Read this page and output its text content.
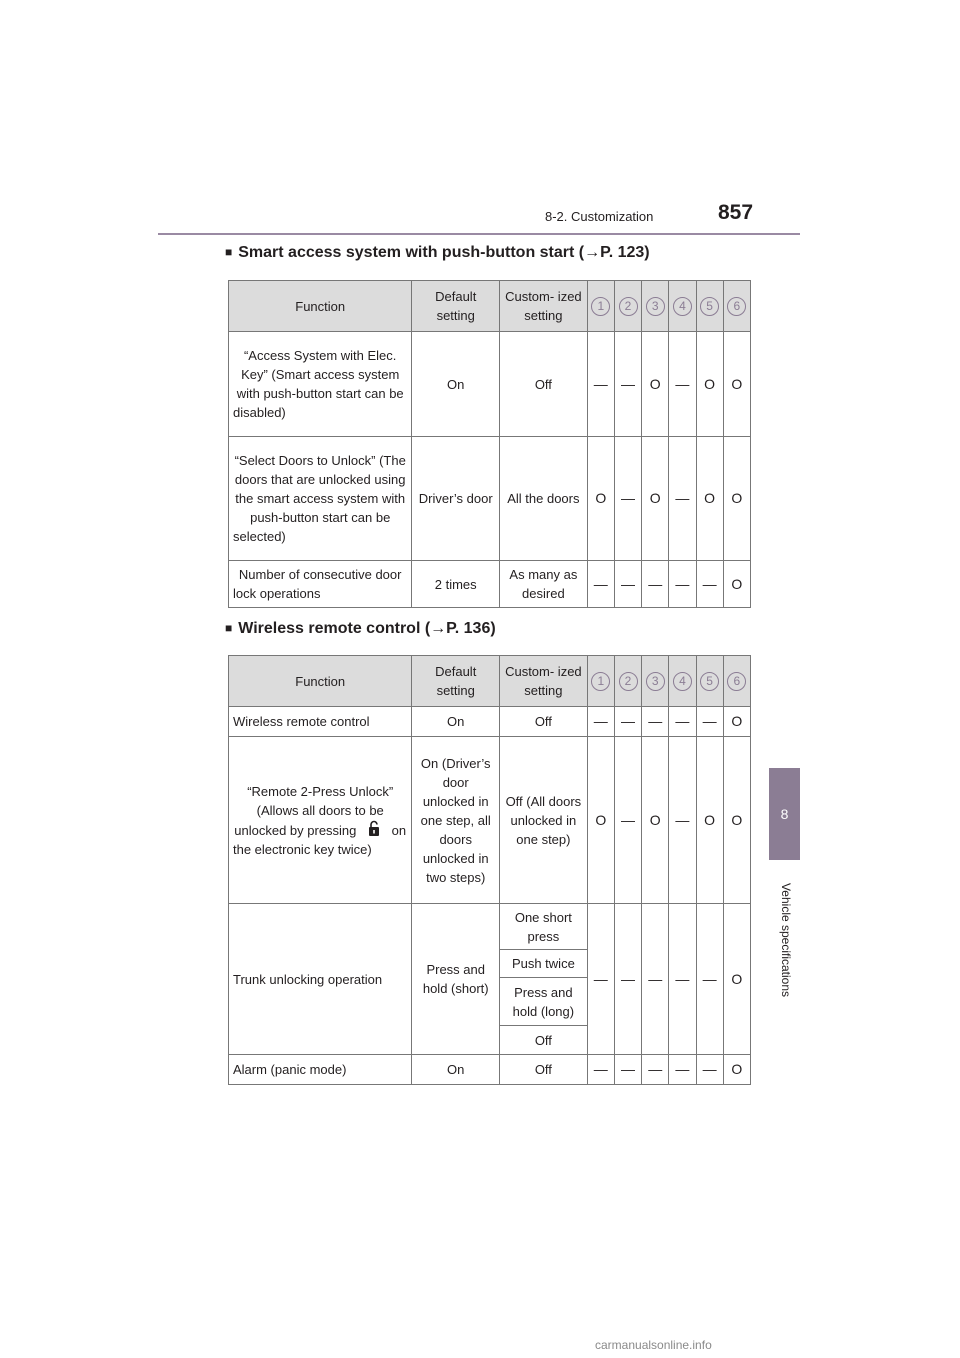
8-2. Customization	857
8
Vehicle specifications
■ Smart access system with push-button start (→P. 123)
Function	Default setting	Custom- ized setting	1	2	3	4	5	6
“Access System with Elec. Key” (Smart access system with push-button start can be disabled)	On	Off	—	—	O	—	O	O
“Select Doors to Unlock” (The doors that are unlocked using the smart access system with push-button start can be selected)	Driver’s door	All the doors	O	—	O	—	O	O
Number of consecutive door lock operations	2 times	As many as desired	—	—	—	—	—	O
■ Wireless remote control (→P. 136)
Function	Default setting	Custom- ized setting	1	2	3	4	5	6
Wireless remote control	On	Off	—	—	—	—	—	O
“Remote 2-Press Unlock” (Allows all doors to be unlocked by pressing on the electronic key twice)	On (Driver’s door unlocked in one step, all doors unlocked in two steps)	Off (All doors unlocked in one step)	O	—	O	—	O	O
Trunk unlocking operation	Press and hold (short)	One short press	—	—	—	—	—	O
		Push twice						
		Press and hold (long)						
		Off						
Alarm (panic mode)	On	Off	—	—	—	—	—	O
carmanualsonline.info
